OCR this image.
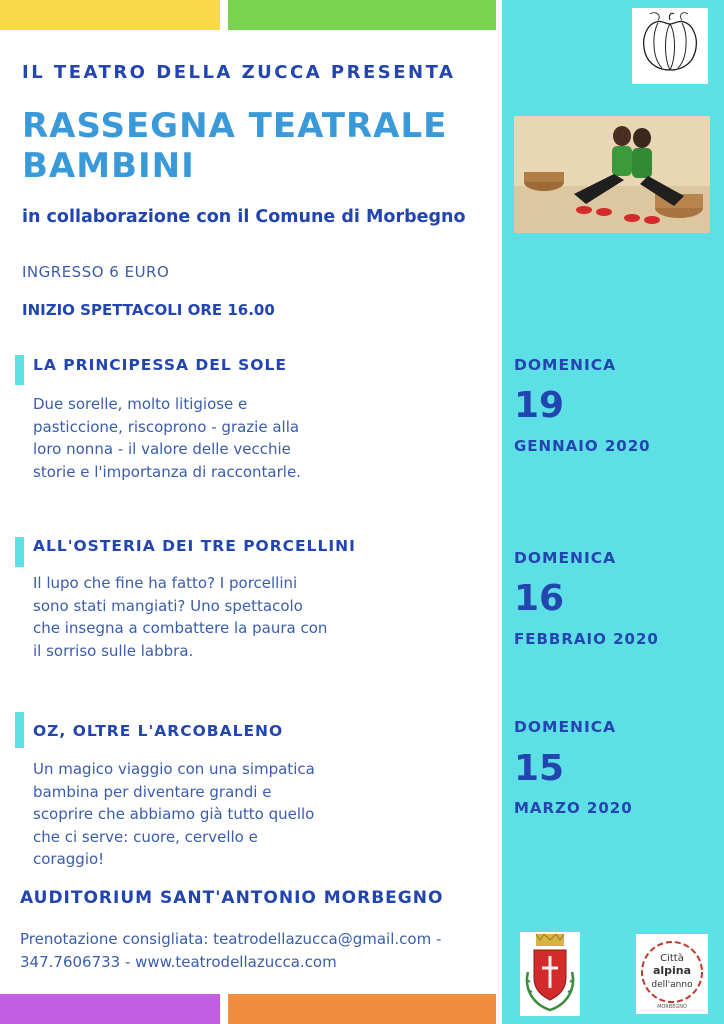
IL TEATRO DELLA ZUCCA PRESENTA
RASSEGNA TEATRALE BAMBINI
in collaborazione con il Comune di Morbegno
INGRESSO 6 EURO
INIZIO SPETTACOLI ORE 16.00
LA PRINCIPESSA DEL SOLE
Due sorelle, molto litigiose e pasticcione, riscoprono - grazie alla loro nonna - il valore delle vecchie storie e l'importanza di raccontarle.
DOMENICA
19
GENNAIO 2020
ALL'OSTERIA DEI TRE PORCELLINI
Il lupo che fine ha fatto? I porcellini sono stati mangiati? Uno spettacolo che insegna a combattere la paura con il sorriso sulle labbra.
DOMENICA
16
FEBBRAIO 2020
OZ, OLTRE L'ARCOBALENO
Un magico viaggio con una simpatica bambina per diventare grandi e scoprire che abbiamo già tutto quello che ci serve: cuore, cervello e coraggio!
DOMENICA
15
MARZO 2020
AUDITORIUM SANT'ANTONIO MORBEGNO
Prenotazione consigliata: teatrodellazucca@gmail.com - 347.7606733 - www.teatrodellazucca.com	Città
alpina
dell'anno
MORBEGNO
